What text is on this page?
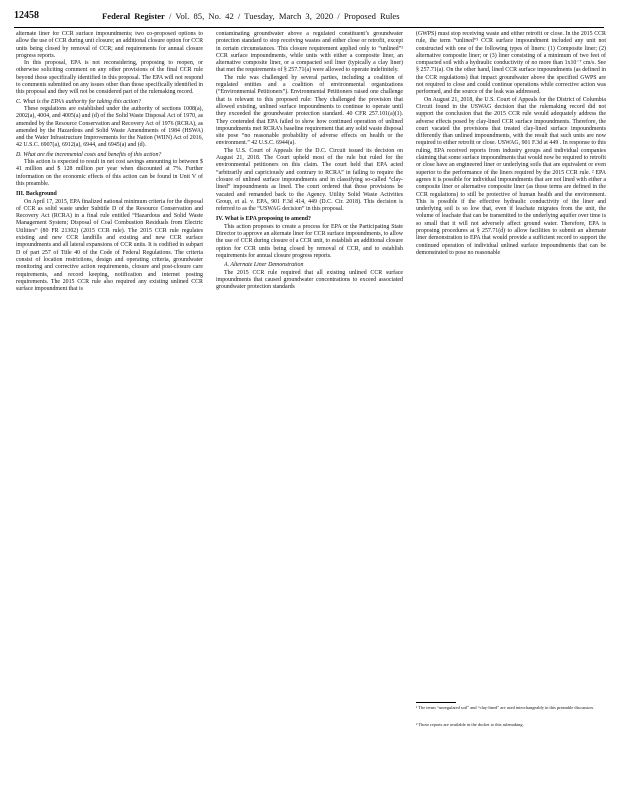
12458	Federal Register / Vol. 85, No. 42 / Tuesday, March 3, 2020 / Proposed Rules

alternate liner for CCR surface impoundments; two co-proposed options to allow the use of CCR during unit closure; an additional closure option for CCR units being closed by removal of CCR; and requirements for annual closure progress reports.

In this proposal, EPA is not reconsidering, proposing to reopen, or otherwise soliciting comment on any other provisions of the final CCR rule beyond those specifically identified in this proposal. The EPA will not respond to comments submitted on any issues other than those specifically identified in this proposal and they will not be considered part of the rulemaking record.

C. What is the EPA’s authority for taking this action?

These regulations are established under the authority of sections 1008(a), 2002(a), 4004, and 4005(a) and (d) of the Solid Waste Disposal Act of 1970, as amended by the Resource Conservation and Recovery Act of 1976 (RCRA), as amended by the Hazardous and Solid Waste Amendments of 1984 (HSWA) and the Water Infrastructure Improvements for the Nation (WIIN) Act of 2016, 42 U.S.C. 6907(a), 6912(a), 6944, and 6945(a) and (d).

D. What are the incremental costs and benefits of this action?

This action is expected to result in net cost savings amounting to between $ 41 million and $ 128 million per year when discounted at 7%. Further information on the economic effects of this action can be found in Unit V of this preamble.

III. Background

On April 17, 2015, EPA finalized national minimum criteria for the disposal of CCR as solid waste under Subtitle D of the Resource Conservation and Recovery Act (RCRA) in a final rule entitled “Hazardous and Solid Waste Management System; Disposal of Coal Combustion Residuals from Electric Utilities” (80 FR 21302) (2015 CCR rule). The 2015 CCR rule regulates existing and new CCR landfills and existing and new CCR surface impoundments and all lateral expansions of CCR units. It is codified in subpart D of part 257 of Title 40 of the Code of Federal Regulations. The criteria consist of location restrictions, design and operating criteria, groundwater monitoring and corrective action requirements, closure and post-closure care requirements, and record keeping, notification and internet posting requirements. The 2015 CCR rule also required any existing unlined CCR surface impoundment that is

contaminating groundwater above a regulated constituent’s groundwater protection standard to stop receiving wastes and either close or retrofit, except in certain circumstances. This closure requirement applied only to “unlined”¹ CCR surface impoundments, while units with either a composite liner, an alternative composite liner, or a compacted soil liner (typically a clay liner) that met the requirements of § 257.71(a) were allowed to operate indefinitely.

The rule was challenged by several parties, including a coalition of regulated entities and a coalition of environmental organizations (“Environmental Petitioners”). Environmental Petitioners raised one challenge that is relevant to this proposed rule: They challenged the provision that allowed existing, unlined surface impoundments to continue to operate until they exceeded the groundwater protection standard. 40 CFR 257.101(a)(1). They contended that EPA failed to show how continued operation of unlined impoundments met RCRA’s baseline requirement that any solid waste disposal site pose “no reasonable probability of adverse effects on health or the environment.” 42 U.S.C. 6944(a).

The U.S. Court of Appeals for the D.C. Circuit issued its decision on August 21, 2018. The Court upheld most of the rule but ruled for the environmental petitioners on this claim. The court held that EPA acted “arbitrarily and capriciously and contrary to RCRA” in failing to require the closure of unlined surface impoundments and in classifying so-called “clay-lined” impoundments as lined. The court ordered that those provisions be vacated and remanded back to the Agency. Utility Solid Waste Activities Group, et al. v. EPA, 901 F.3d 414, 449 (D.C. Cir. 2018). This decision is referred to as the “USWAG decision” in this proposal.

IV. What is EPA proposing to amend?

This action proposes to create a process for EPA or the Participating State Director to approve an alternate liner for CCR surface impoundments, to allow the use of CCR during closure of a CCR unit, to establish an additional closure option for CCR units being closed by removal of CCR, and to establish requirements for annual closure progress reports.

A. Alternate Liner Demonstration

The 2015 CCR rule required that all existing unlined CCR surface impoundments that caused groundwater concentrations to exceed associated groundwater protection standards

(GWPS) must stop receiving waste and either retrofit or close. In the 2015 CCR rule, the term “unlined”¹ CCR surface impoundment included any unit not constructed with one of the following types of liners: (1) Composite liner; (2) alternative composite liner; or (3) liner consisting of a minimum of two feet of compacted soil with a hydraulic conductivity of no more than 1x10⁻⁷ cm/s. See § 257.71(a). On the other hand, lined CCR surface impoundments (as defined in the CCR regulations) that impact groundwater above the specified GWPS are not required to close and could continue operations while corrective action was performed, and the source of the leak was addressed.

On August 21, 2018, the U.S. Court of Appeals for the District of Columbia Circuit found in the USWAG decision that the rulemaking record did not support the conclusion that the 2015 CCR rule would adequately address the adverse effects posed by clay-lined CCR surface impoundments. Therefore, the court vacated the provisions that treated clay-lined surface impoundments differently than unlined impoundments, with the result that such units are now required to either retrofit or close. USWAG, 901 F.3d at 449 . In response to this ruling, EPA received reports from industry groups and individual companies claiming that some surface impoundments that would now be required to retrofit or close have an engineered liner or underlying soils that are equivalent or even superior to the performance of the liners required by the 2015 CCR rule. ² EPA agrees it is possible for individual impoundments that are not lined with either a composite liner or alternative composite liner (as those terms are defined in the CCR regulations) to still be protective of human health and the environment. This is possible if the effective hydraulic conductivity of the liner and underlying soil is so low that, even if leachate migrates from the unit, the volume of leachate that can be transmitted to the underlying aquifer over time is so small that it will not adversely affect ground water. Therefore, EPA is proposing procedures at § 257.71(d) to allow facilities to submit an alternate liner demonstration to EPA that would provide a sufficient record to support the continued operation of individual unlined surface impoundments that can be demonstrated to pose no reasonable

¹ The terms “unregulated soil” and “clay-lined” are used interchangeably in this preamble discussion.
² Those reports are available in the docket to this rulemaking.
